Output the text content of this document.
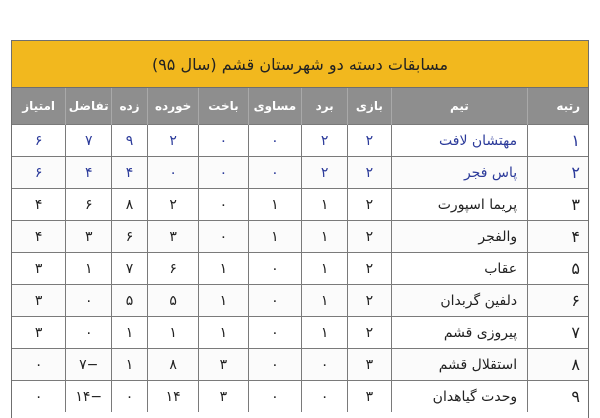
مسابقات دسته دو شهرستان قشم (سال ۹۵)
رتبه	تیم	بازی	برد	مساوی	باخت	خورده	زده	تفاضل	امتیاز
۱	مهتشان لافت	۲	۲	۰	۰	۲	۹	۷	۶
۲	پاس فجر	۲	۲	۰	۰	۰	۴	۴	۶
۳	پریما اسپورت	۲	۱	۱	۰	۲	۸	۶	۴
۴	والفجر	۲	۱	۱	۰	۳	۶	۳	۴
۵	عقاب	۲	۱	۰	۱	۶	۷	۱	۳
۶	دلفین گربدان	۲	۱	۰	۱	۵	۵	۰	۳
۷	پیروزی قشم	۲	۱	۰	۱	۱	۱	۰	۳
۸	استقلال قشم	۳	۰	۰	۳	۸	۱	−۷	۰
۹	وحدت گیاهدان	۳	۰	۰	۳	۱۴	۰	−۱۴	۰
